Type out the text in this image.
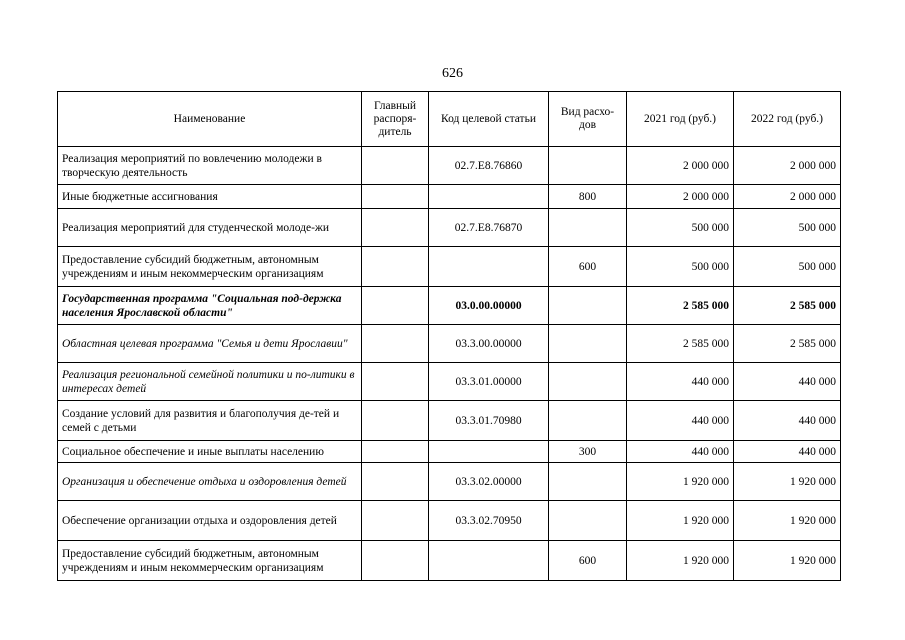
626
Наименование	Главный распоря-дитель	Код целевой статьи	Вид расхо-дов	2021 год (руб.)	2022 год (руб.)
Реализация мероприятий по вовлечению молодежи в творческую деятельность		02.7.E8.76860		2 000 000	2 000 000
Иные бюджетные ассигнования			800	2 000 000	2 000 000
Реализация мероприятий для студенческой молоде-жи		02.7.E8.76870		500 000	500 000
Предоставление субсидий бюджетным, автономным учреждениям и иным некоммерческим организациям			600	500 000	500 000
Государственная программа "Социальная под-держка населения Ярославской области"		03.0.00.00000		2 585 000	2 585 000
Областная целевая программа "Семья и дети Ярославии"		03.3.00.00000		2 585 000	2 585 000
Реализация региональной семейной политики и по-литики в интересах детей		03.3.01.00000		440 000	440 000
Создание условий для развития и благополучия де-тей и семей с детьми		03.3.01.70980		440 000	440 000
Социальное обеспечение и иные выплаты населению			300	440 000	440 000
Организация и обеспечение отдыха и оздоровления детей		03.3.02.00000		1 920 000	1 920 000
Обеспечение организации отдыха и оздоровления детей		03.3.02.70950		1 920 000	1 920 000
Предоставление субсидий бюджетным, автономным учреждениям и иным некоммерческим организациям			600	1 920 000	1 920 000
